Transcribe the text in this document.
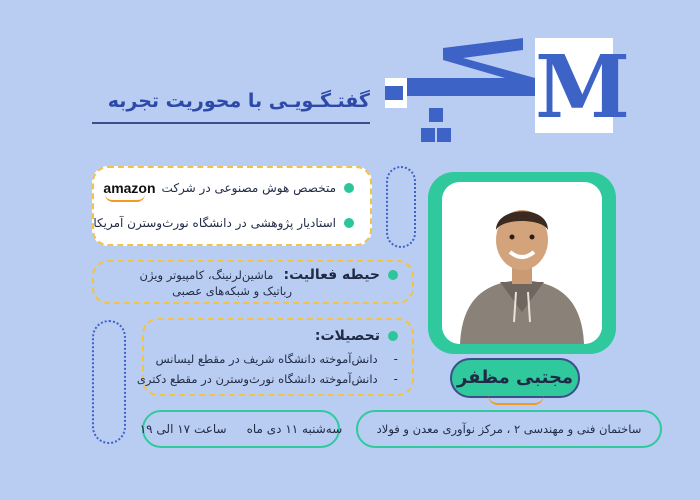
M
گفتـگـویـی با محوریت تجربه
متخصص هوش مصنوعی در شرکت
amazon
استادیار پژوهشی در دانشگاه نورث‌وسترن آمریکا
حیطه فعالیت:
ماشین‌لرنینگ، کامپیوتر ویژن
رباتیک و شبکه‌های عصبی
تحصیلات:
-
دانش‌آموخته دانشگاه شریف در مقطع لیسانس
-
دانش‌آموخته دانشگاه نورث‌وسترن در مقطع دکتری	مجتبی مظفر
سه‌شنبه ۱۱ دی ماه
ساعت ۱۷ الی ۱۹	ساختمان فنی و مهندسی ۲ ، مرکز نوآوری معدن و فولاد
